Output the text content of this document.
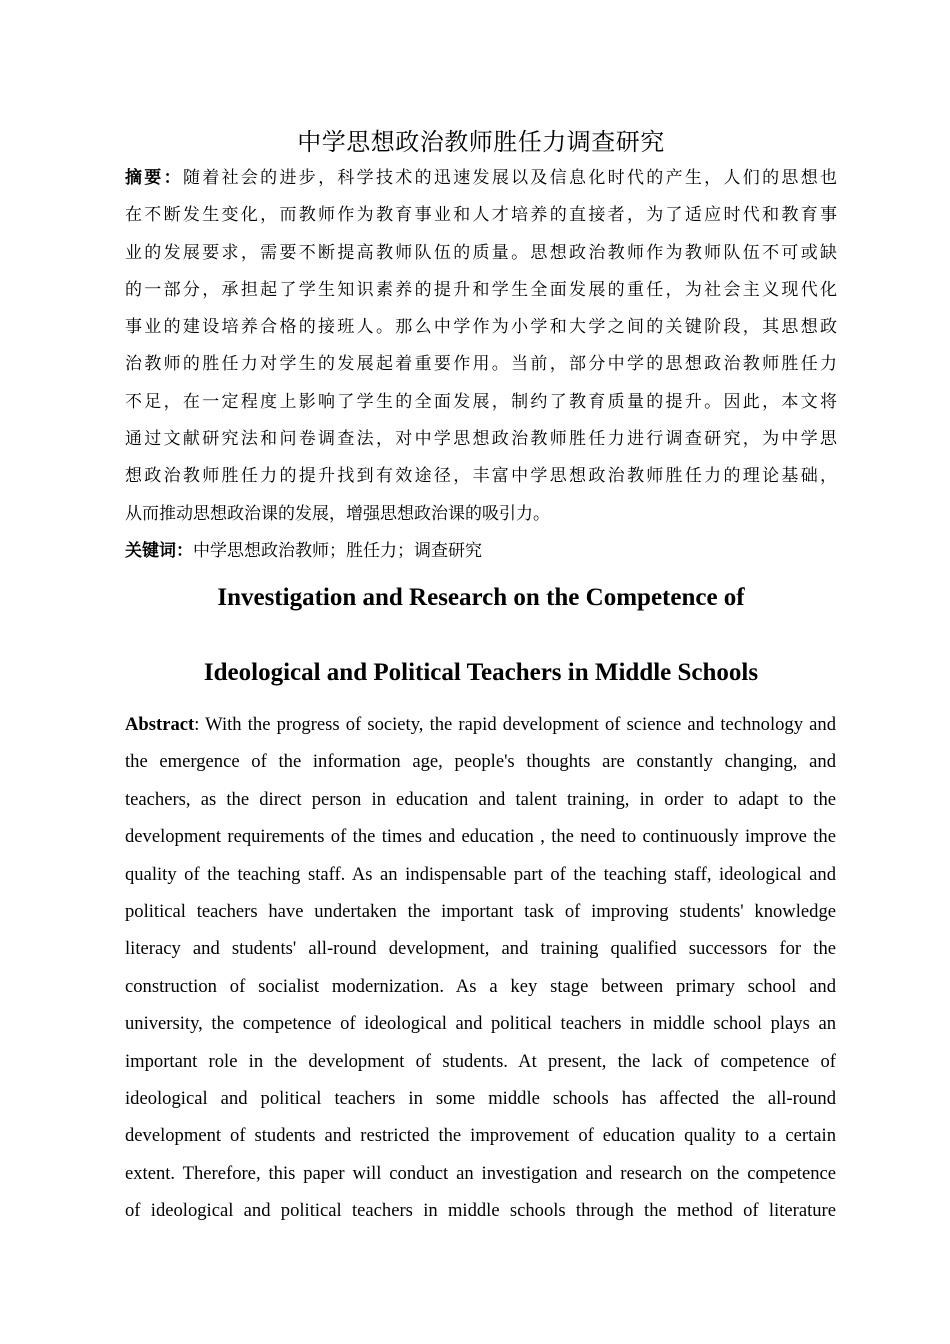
中学思想政治教师胜任力调查研究
摘要：随着社会的进步，科学技术的迅速发展以及信息化时代的产生，人们的思想也
在不断发生变化，而教师作为教育事业和人才培养的直接者，为了适应时代和教育事
业的发展要求，需要不断提高教师队伍的质量。思想政治教师作为教师队伍不可或缺
的一部分，承担起了学生知识素养的提升和学生全面发展的重任，为社会主义现代化
事业的建设培养合格的接班人。那么中学作为小学和大学之间的关键阶段，其思想政
治教师的胜任力对学生的发展起着重要作用。当前，部分中学的思想政治教师胜任力
不足，在一定程度上影响了学生的全面发展，制约了教育质量的提升。因此，本文将
通过文献研究法和问卷调查法，对中学思想政治教师胜任力进行调查研究，为中学思
想政治教师胜任力的提升找到有效途径，丰富中学思想政治教师胜任力的理论基础，
从而推动思想政治课的发展，增强思想政治课的吸引力。
关键词：中学思想政治教师；胜任力；调查研究
Investigation and Research on the Competence of
Ideological and Political Teachers in Middle Schools
Abstract: With the progress of society, the rapid development of science and technology and
the emergence of the information age, people's thoughts are constantly changing, and
teachers, as the direct person in education and talent training, in order to adapt to the
development requirements of the times and education , the need to continuously improve the
quality of the teaching staff. As an indispensable part of the teaching staff, ideological and
political teachers have undertaken the important task of improving students' knowledge
literacy and students' all-round development, and training qualified successors for the
construction of socialist modernization. As a key stage between primary school and
university, the competence of ideological and political teachers in middle school plays an
important role in the development of students. At present, the lack of competence of
ideological and political teachers in some middle schools has affected the all-round
development of students and restricted the improvement of education quality to a certain
extent. Therefore, this paper will conduct an investigation and research on the competence
of ideological and political teachers in middle schools through the method of literature
